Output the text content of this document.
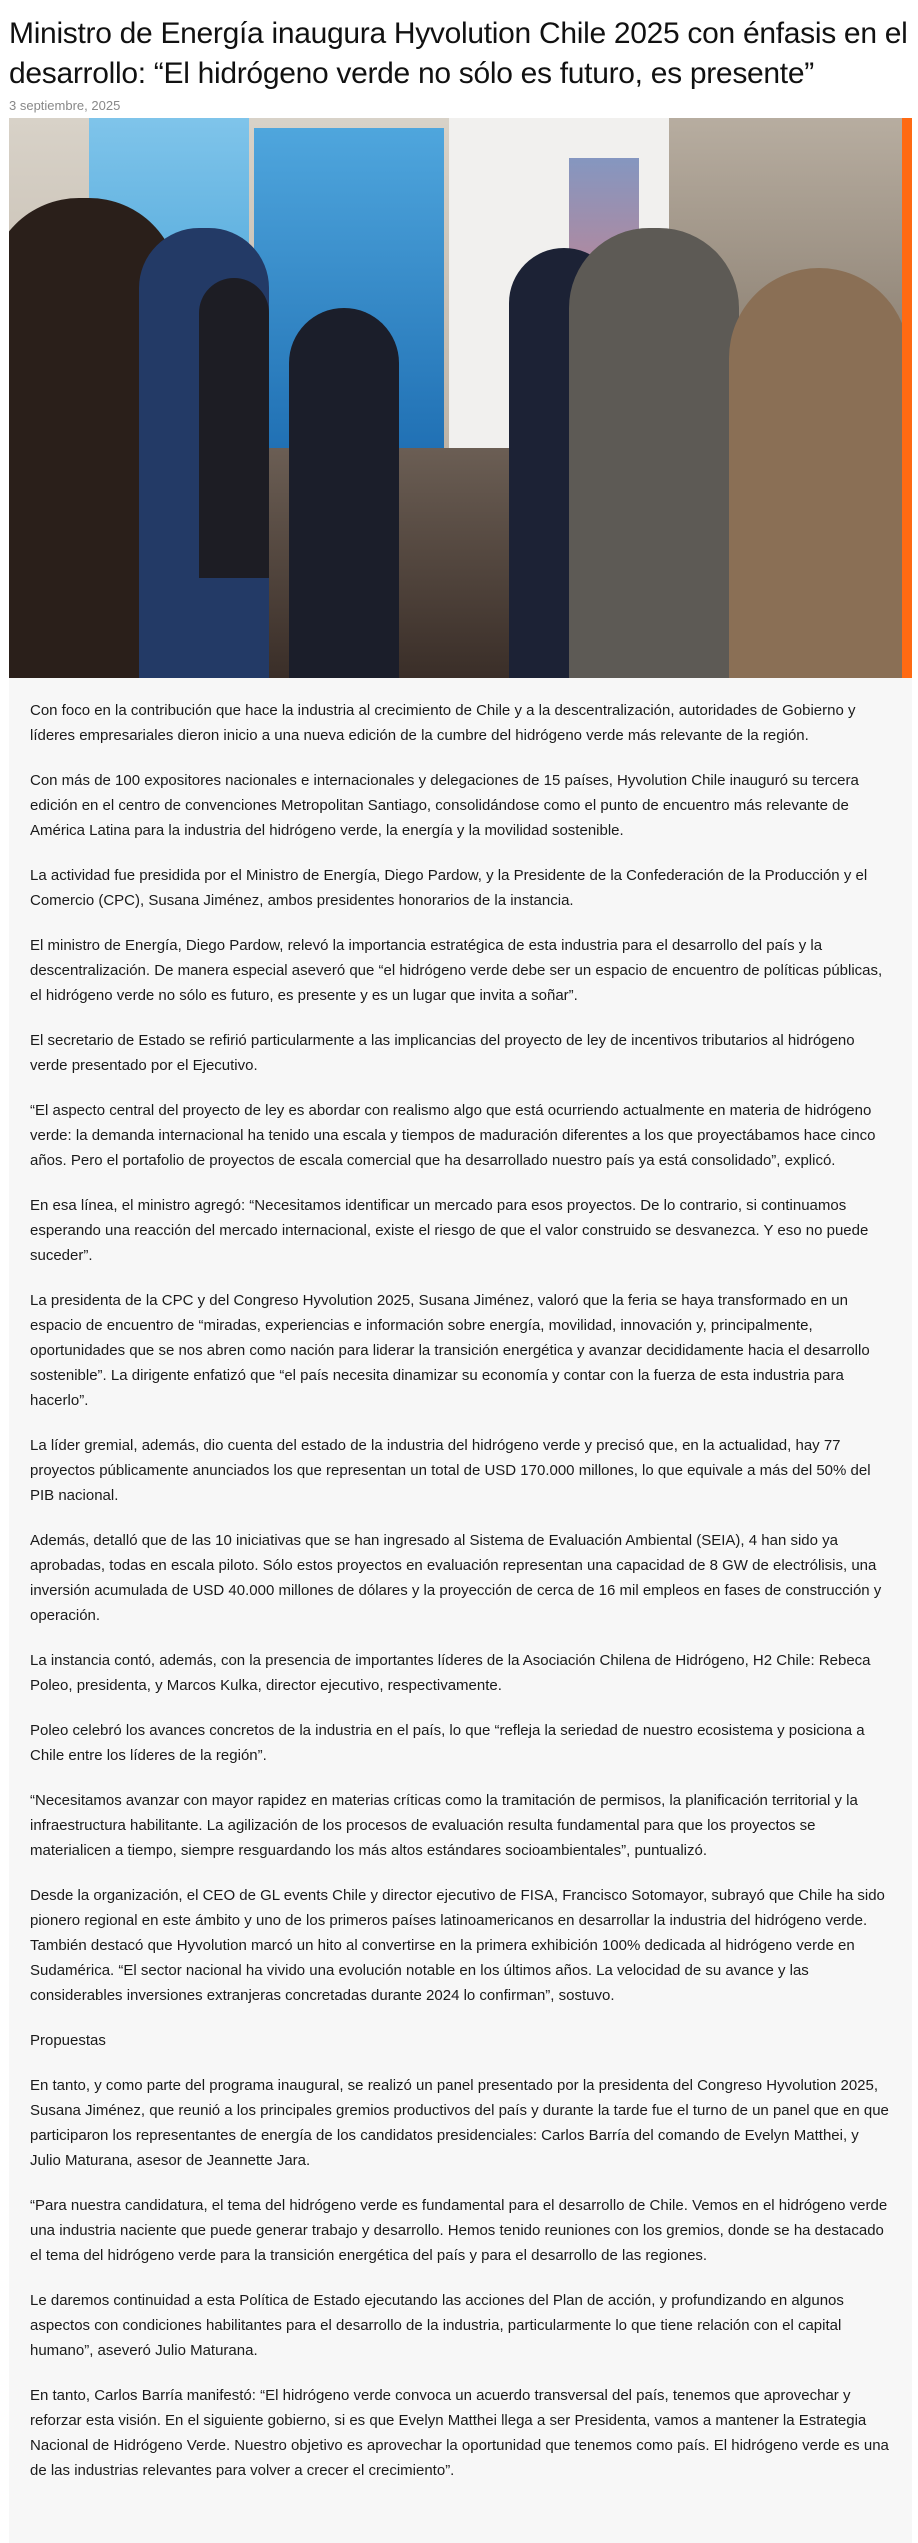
Ministro de Energía inaugura Hyvolution Chile 2025 con énfasis en el desarrollo: “El hidrógeno verde no sólo es futuro, es presente”
3 septiembre, 2025

Con foco en la contribución que hace la industria al crecimiento de Chile y a la descentralización, autoridades de Gobierno y líderes empresariales dieron inicio a una nueva edición de la cumbre del hidrógeno verde más relevante de la región.

Con más de 100 expositores nacionales e internacionales y delegaciones de 15 países, Hyvolution Chile inauguró su tercera edición en el centro de convenciones Metropolitan Santiago, consolidándose como el punto de encuentro más relevante de América Latina para la industria del hidrógeno verde, la energía y la movilidad sostenible.

La actividad fue presidida por el Ministro de Energía, Diego Pardow, y la Presidente de la Confederación de la Producción y el Comercio (CPC), Susana Jiménez, ambos presidentes honorarios de la instancia.

El ministro de Energía, Diego Pardow, relevó la importancia estratégica de esta industria para el desarrollo del país y la descentralización. De manera especial aseveró que “el hidrógeno verde debe ser un espacio de encuentro de políticas públicas, el hidrógeno verde no sólo es futuro, es presente y es un lugar que invita a soñar”.

El secretario de Estado se refirió particularmente a las implicancias del proyecto de ley de incentivos tributarios al hidrógeno verde presentado por el Ejecutivo.

“El aspecto central del proyecto de ley es abordar con realismo algo que está ocurriendo actualmente en materia de hidrógeno verde: la demanda internacional ha tenido una escala y tiempos de maduración diferentes a los que proyectábamos hace cinco años. Pero el portafolio de proyectos de escala comercial que ha desarrollado nuestro país ya está consolidado”, explicó.

En esa línea, el ministro agregó: “Necesitamos identificar un mercado para esos proyectos. De lo contrario, si continuamos esperando una reacción del mercado internacional, existe el riesgo de que el valor construido se desvanezca. Y eso no puede suceder”.

La presidenta de la CPC y del Congreso Hyvolution 2025, Susana Jiménez, valoró que la feria se haya transformado en un espacio de encuentro de “miradas, experiencias e información sobre energía, movilidad, innovación y, principalmente, oportunidades que se nos abren como nación para liderar la transición energética y avanzar decididamente hacia el desarrollo sostenible”. La dirigente enfatizó que “el país necesita dinamizar su economía y contar con la fuerza de esta industria para hacerlo”.

La líder gremial, además, dio cuenta del estado de la industria del hidrógeno verde y precisó que, en la actualidad, hay 77 proyectos públicamente anunciados los que representan un total de USD 170.000 millones, lo que equivale a más del 50% del PIB nacional.

Además, detalló que de las 10 iniciativas que se han ingresado al Sistema de Evaluación Ambiental (SEIA), 4 han sido ya aprobadas, todas en escala piloto. Sólo estos proyectos en evaluación representan una capacidad de 8 GW de electrólisis, una inversión acumulada de USD 40.000 millones de dólares y la proyección de cerca de 16 mil empleos en fases de construcción y operación.

La instancia contó, además, con la presencia de importantes líderes de la Asociación Chilena de Hidrógeno, H2 Chile: Rebeca Poleo, presidenta, y Marcos Kulka, director ejecutivo, respectivamente.

Poleo celebró los avances concretos de la industria en el país, lo que “refleja la seriedad de nuestro ecosistema y posiciona a Chile entre los líderes de la región”.

“Necesitamos avanzar con mayor rapidez en materias críticas como la tramitación de permisos, la planificación territorial y la infraestructura habilitante. La agilización de los procesos de evaluación resulta fundamental para que los proyectos se materialicen a tiempo, siempre resguardando los más altos estándares socioambientales”, puntualizó.

Desde la organización, el CEO de GL events Chile y director ejecutivo de FISA, Francisco Sotomayor, subrayó que Chile ha sido pionero regional en este ámbito y uno de los primeros países latinoamericanos en desarrollar la industria del hidrógeno verde. También destacó que Hyvolution marcó un hito al convertirse en la primera exhibición 100% dedicada al hidrógeno verde en Sudamérica. “El sector nacional ha vivido una evolución notable en los últimos años. La velocidad de su avance y las considerables inversiones extranjeras concretadas durante 2024 lo confirman”, sostuvo.

Propuestas

En tanto, y como parte del programa inaugural, se realizó un panel presentado por la presidenta del Congreso Hyvolution 2025, Susana Jiménez, que reunió a los principales gremios productivos del país y durante la tarde fue el turno de un panel que en que participaron los representantes de energía de los candidatos presidenciales: Carlos Barría del comando de Evelyn Matthei, y Julio Maturana, asesor de Jeannette Jara.

“Para nuestra candidatura, el tema del hidrógeno verde es fundamental para el desarrollo de Chile. Vemos en el hidrógeno verde una industria naciente que puede generar trabajo y desarrollo. Hemos tenido reuniones con los gremios, donde se ha destacado el tema del hidrógeno verde para la transición energética del país y para el desarrollo de las regiones.

Le daremos continuidad a esta Política de Estado ejecutando las acciones del Plan de acción, y profundizando en algunos aspectos con condiciones habilitantes para el desarrollo de la industria, particularmente lo que tiene relación con el capital humano”, aseveró Julio Maturana.

En tanto, Carlos Barría manifestó: “El hidrógeno verde convoca un acuerdo transversal del país, tenemos que aprovechar y reforzar esta visión. En el siguiente gobierno, si es que Evelyn Matthei llega a ser Presidenta, vamos a mantener la Estrategia Nacional de Hidrógeno Verde. Nuestro objetivo es aprovechar la oportunidad que tenemos como país. El hidrógeno verde es una de las industrias relevantes para volver a crecer el crecimiento”.
